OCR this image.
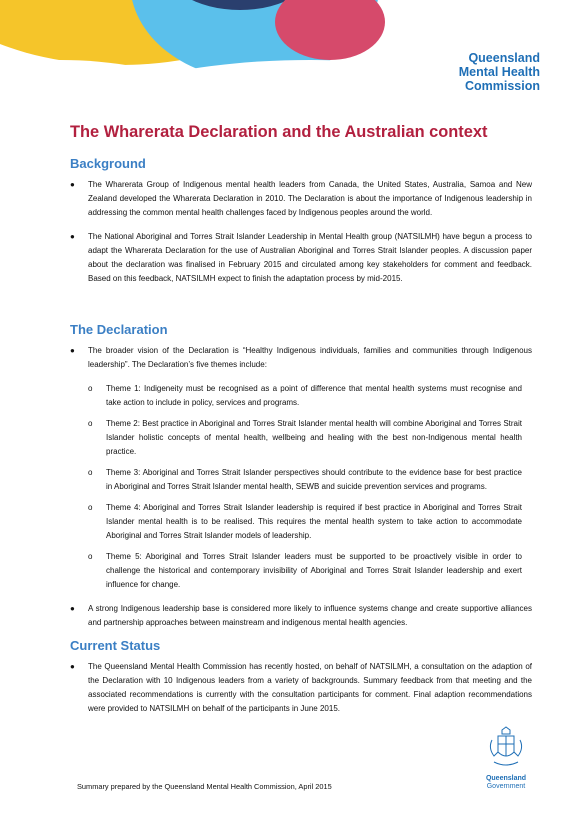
Queensland
Mental Health
Commission
The Wharerata Declaration and the Australian context
Background
● The Wharerata Group of Indigenous mental health leaders from Canada, the United States, Australia, Samoa and New Zealand developed the Wharerata Declaration in 2010. The Declaration is about the importance of Indigenous leadership in addressing the common mental health challenges faced by Indigenous peoples around the world.
● The National Aboriginal and Torres Strait Islander Leadership in Mental Health group (NATSILMH) have begun a process to adapt the Wharerata Declaration for the use of Australian Aboriginal and Torres Strait Islander peoples. A discussion paper about the declaration was finalised in February 2015 and circulated among key stakeholders for comment and feedback. Based on this feedback, NATSILMH expect to finish the adaptation process by mid-2015.
The Declaration
● The broader vision of the Declaration is “Healthy Indigenous individuals, families and communities through Indigenous leadership”. The Declaration’s five themes include:
o Theme 1: Indigeneity must be recognised as a point of difference that mental health systems must recognise and take action to include in policy, services and programs.
o Theme 2: Best practice in Aboriginal and Torres Strait Islander mental health will combine Aboriginal and Torres Strait Islander holistic concepts of mental health, wellbeing and healing with the best non-Indigenous mental health practice.
o Theme 3: Aboriginal and Torres Strait Islander perspectives should contribute to the evidence base for best practice in Aboriginal and Torres Strait Islander mental health, SEWB and suicide prevention services and programs.
o Theme 4: Aboriginal and Torres Strait Islander leadership is required if best practice in Aboriginal and Torres Strait Islander mental health is to be realised. This requires the mental health system to take action to accommodate Aboriginal and Torres Strait Islander models of leadership.
o Theme 5: Aboriginal and Torres Strait Islander leaders must be supported to be proactively visible in order to challenge the historical and contemporary invisibility of Aboriginal and Torres Strait Islander leadership and exert influence for change.
● A strong Indigenous leadership base is considered more likely to influence systems change and create supportive alliances and partnership approaches between mainstream and indigenous mental health agencies.
Current Status
● The Queensland Mental Health Commission has recently hosted, on behalf of NATSILMH, a consultation on the adaption of the Declaration with 10 Indigenous leaders from a variety of backgrounds. Summary feedback from that meeting and the associated recommendations is currently with the consultation participants for comment. Final adaption recommendations were provided to NATSILMH on behalf of the participants in June 2015.
Queensland
Government
Summary prepared by the Queensland Mental Health Commission, April 2015
